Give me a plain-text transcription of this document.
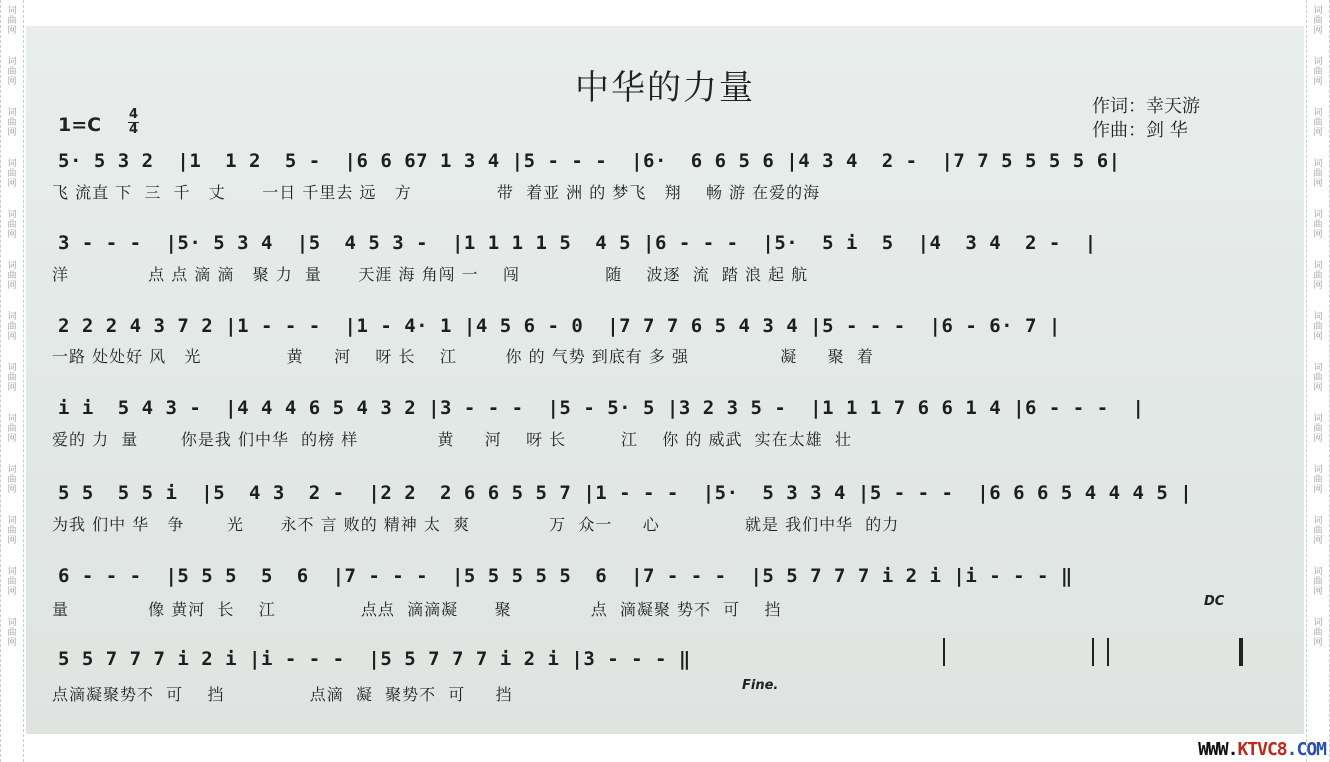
词
曲
网
词
曲
网
词
曲
网
词
曲
网
词
曲
网
词
曲
网
词
曲
网
词
曲
网
词
曲
网
词
曲
网
词
曲
网
词
曲
网
词
曲
网
词
曲
网
词
曲
网
词
曲
网
词
曲
网
词
曲
网
词
曲
网
词
曲
网
词
曲
网
词
曲
网
词
曲
网
词
曲
网
词
曲
网
词
曲
网
中华的力量
1=C 4
4
作词：幸天游
作曲：剑 华
5· 5 3 2  |1  1 2  5 -  |6 6 67 1 3 4 |5 - - -  |6·  6 6 5 6 |4 3 4  2 -  |7 7 5 5 5 5 6|
飞 流直 下  三  千   丈      一日 千里去 远   方              带  着亚 洲 的 梦飞   翔    畅 游 在爱的海
3 - - -  |5· 5 3 4  |5  4 5 3 -  |1 1 1 1 5  4 5 |6 - - -  |5·  5 i  5  |4  3 4  2 -  |
洋             点 点 滴 滴   聚 力  量      天涯 海 角闯 一    闯              随    波逐  流  踏 浪 起 航
2 2 2 4 3 7 2 |1 - - -  |1 - 4· 1 |4 5 6 - 0  |7 7 7 6 5 4 3 4 |5 - - -  |6 - 6· 7 |
一路 处处好 风   光              黄     河    呀 长    江        你 的 气势 到底有 多 强               凝     聚  着
i i  5 4 3 -  |4 4 4 6 5 4 3 2 |3 - - -  |5 - 5· 5 |3 2 3 5 -  |1 1 1 7 6 6 1 4 |6 - - -  |
爱的 力  量       你是我 们中华  的榜 样             黄     河    呀 长         江    你 的 威武  实在太雄  壮
5 5  5 5 i  |5  4 3  2 -  |2 2  2 6 6 5 5 7 |1 - - -  |5·  5 3 3 4 |5 - - -  |6 6 6 5 4 4 4 5 |
为我 们中 华   争       光      永不 言 败的 精神 太  爽             万  众一     心              就是 我们中华  的力
6 - - -  |5 5 5  5  6  |7 - - -  |5 5 5 5 5  6  |7 - - -  |5 5 7 7 7 i 2 i |i - - - ‖
量             像 黄河  长    江              点点  滴滴凝      聚             点  滴凝聚 势不  可    挡	DC
5 5 7 7 7 i 2 i |i - - -  |5 5 7 7 7 i 2 i |3 - - - ‖
点滴凝聚势不  可    挡              点滴  凝  聚势不  可     挡	Fine.
WWW.KTVC8.COM
